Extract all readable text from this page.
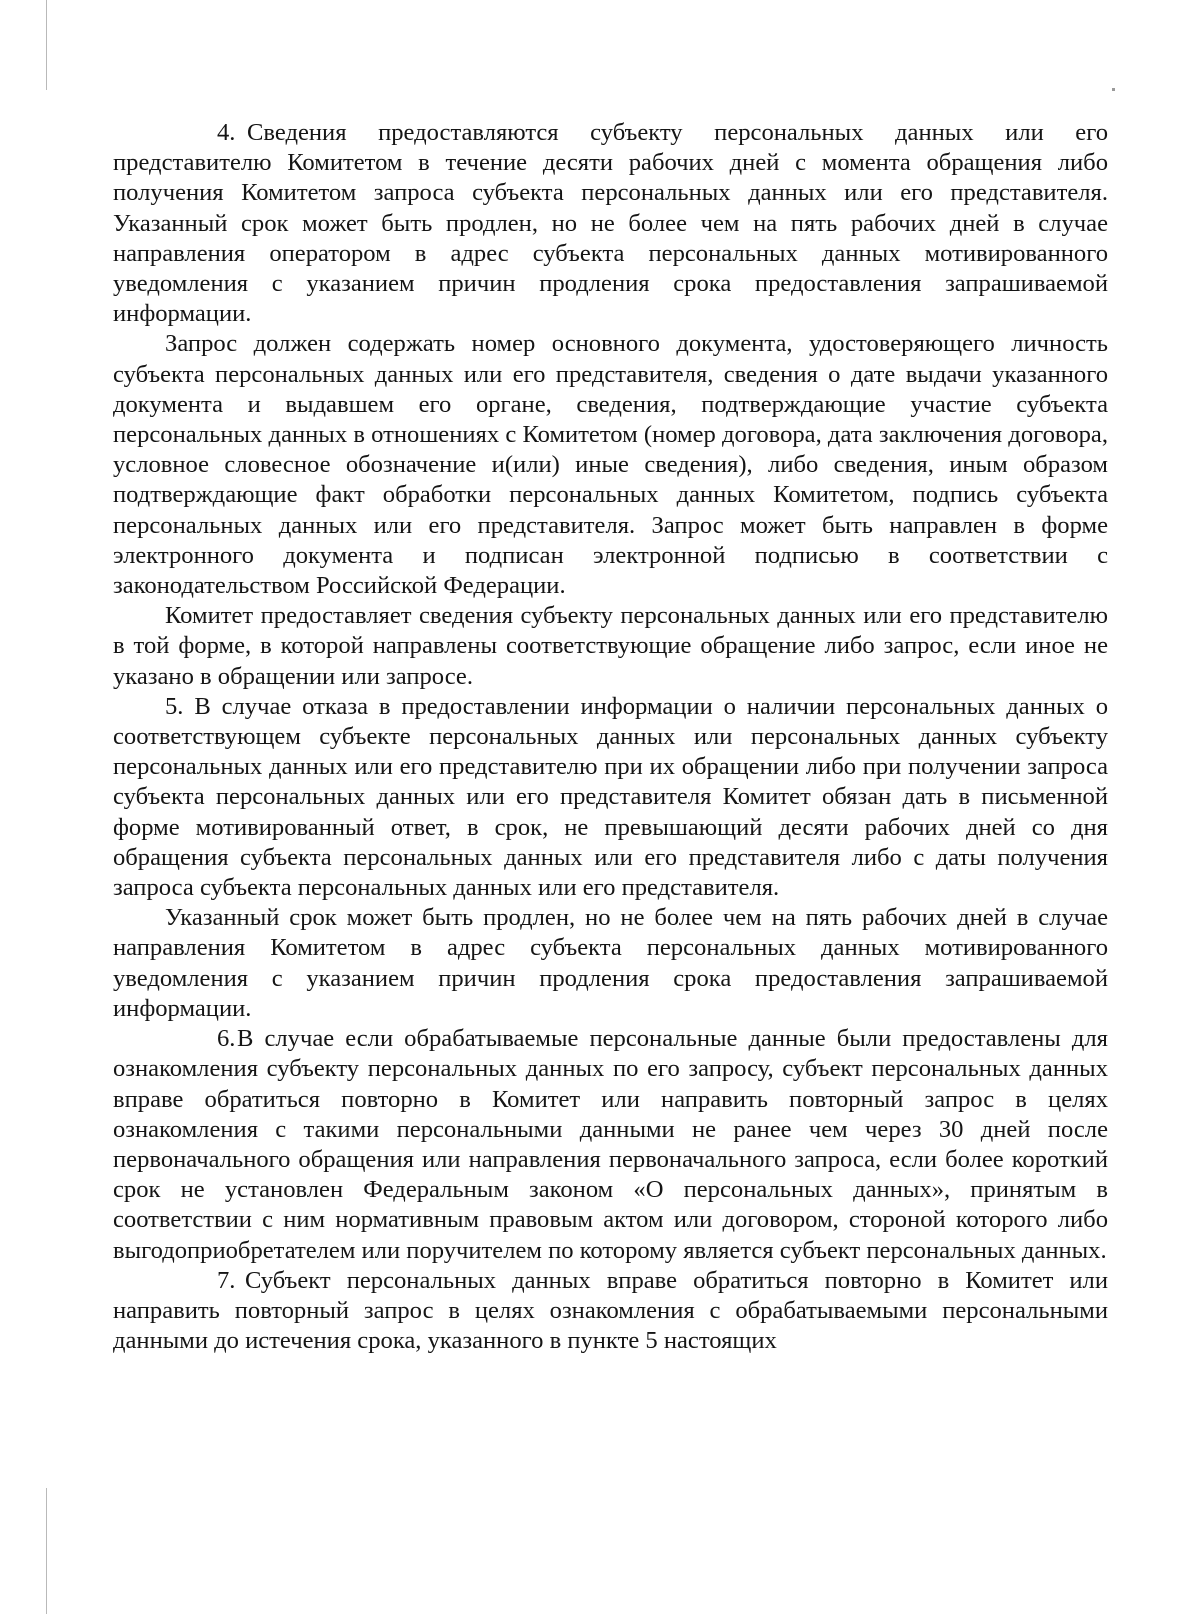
4. Сведения предоставляются субъекту персональных данных или его представителю Комитетом в течение десяти рабочих дней с момента обращения либо получения Комитетом запроса субъекта персональных данных или его представителя. Указанный срок может быть продлен, но не более чем на пять рабочих дней в случае направления оператором в адрес субъекта персональных данных мотивированного уведомления с указанием причин продления срока предоставления запрашиваемой информации.

Запрос должен содержать номер основного документа, удостоверяющего личность субъекта персональных данных или его представителя, сведения о дате выдачи указанного документа и выдавшем его органе, сведения, подтверждающие участие субъекта персональных данных в отношениях с Комитетом (номер договора, дата заключения договора, условное словесное обозначение и(или) иные сведения), либо сведения, иным образом подтверждающие факт обработки персональных данных Комитетом, подпись субъекта персональных данных или его представителя. Запрос может быть направлен в форме электронного документа и подписан электронной подписью в соответствии с законодательством Российской Федерации.

Комитет предоставляет сведения субъекту персональных данных или его представителю в той форме, в которой направлены соответствующие обращение либо запрос, если иное не указано в обращении или запросе.

5. В случае отказа в предоставлении информации о наличии персональных данных о соответствующем субъекте персональных данных или персональных данных субъекту персональных данных или его представителю при их обращении либо при получении запроса субъекта персональных данных или его представителя Комитет обязан дать в письменной форме мотивированный ответ, в срок, не превышающий десяти рабочих дней со дня обращения субъекта персональных данных или его представителя либо с даты получения запроса субъекта персональных данных или его представителя.

Указанный срок может быть продлен, но не более чем на пять рабочих дней в случае направления Комитетом в адрес субъекта персональных данных мотивированного уведомления с указанием причин продления срока предоставления запрашиваемой информации.

6.В случае если обрабатываемые персональные данные были предоставлены для ознакомления субъекту персональных данных по его запросу, субъект персональных данных вправе обратиться повторно в Комитет или направить повторный запрос в целях ознакомления с такими персональными данными не ранее чем через 30 дней после первоначального обращения или направления первоначального запроса, если более короткий срок не установлен Федеральным законом «О персональных данных», принятым в соответствии с ним нормативным правовым актом или договором, стороной которого либо выгодоприобретателем или поручителем по которому является субъект персональных данных.

7. Субъект персональных данных вправе обратиться повторно в Комитет или направить повторный запрос в целях ознакомления с обрабатываемыми персональными данными до истечения срока, указанного в пункте 5 настоящих
